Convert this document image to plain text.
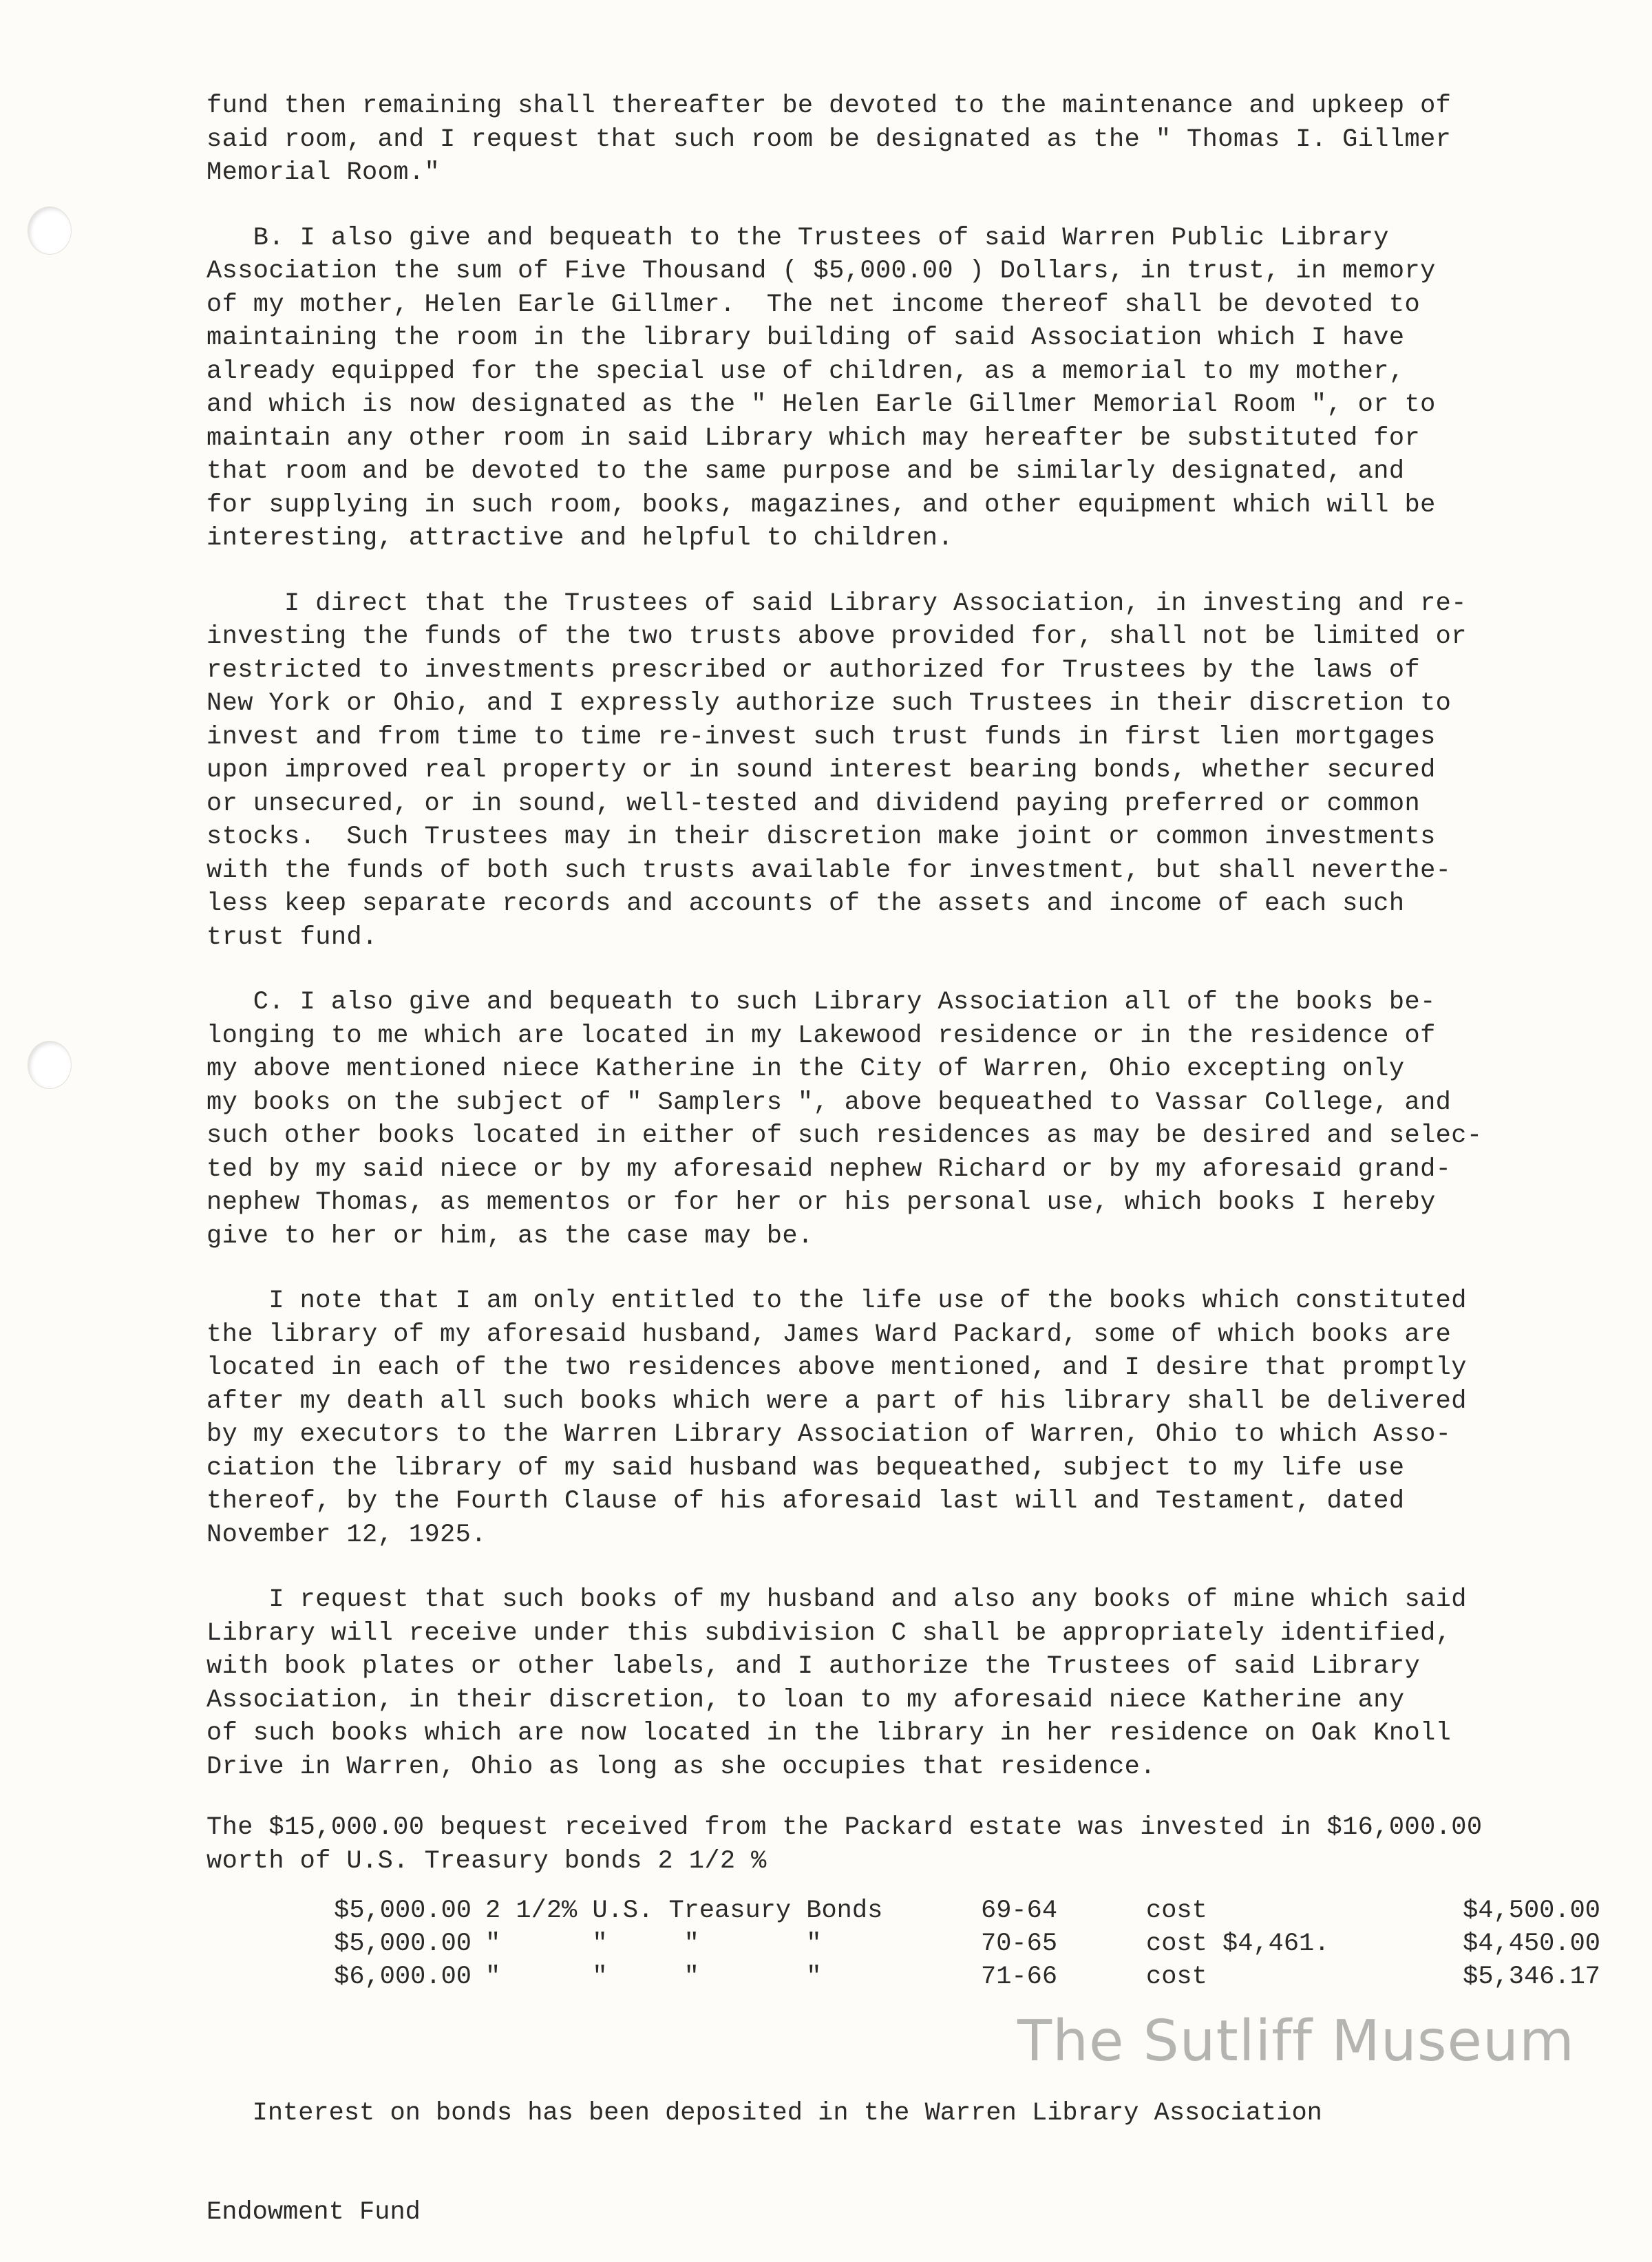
fund then remaining shall thereafter be devoted to the maintenance and upkeep of

said room, and I request that such room be designated as the " Thomas I. Gillmer

Memorial Room."

B. I also give and bequeath to the Trustees of said Warren Public Library

Association the sum of Five Thousand ( $5,000.00 ) Dollars, in trust, in memory

of my mother, Helen Earle Gillmer.  The net income thereof shall be devoted to

maintaining the room in the library building of said Association which I have

already equipped for the special use of children, as a memorial to my mother,

and which is now designated as the " Helen Earle Gillmer Memorial Room ", or to

maintain any other room in said Library which may hereafter be substituted for

that room and be devoted to the same purpose and be similarly designated, and

for supplying in such room, books, magazines, and other equipment which will be

interesting, attractive and helpful to children.

I direct that the Trustees of said Library Association, in investing and re-

investing the funds of the two trusts above provided for, shall not be limited or

restricted to investments prescribed or authorized for Trustees by the laws of

New York or Ohio, and I expressly authorize such Trustees in their discretion to

invest and from time to time re-invest such trust funds in first lien mortgages

upon improved real property or in sound interest bearing bonds, whether secured

or unsecured, or in sound, well-tested and dividend paying preferred or common

stocks.  Such Trustees may in their discretion make joint or common investments

with the funds of both such trusts available for investment, but shall neverthe-

less keep separate records and accounts of the assets and income of each such

trust fund.

C. I also give and bequeath to such Library Association all of the books be-

longing to me which are located in my Lakewood residence or in the residence of

my above mentioned niece Katherine in the City of Warren, Ohio excepting only

my books on the subject of " Samplers ", above bequeathed to Vassar College, and

such other books located in either of such residences as may be desired and selec-

ted by my said niece or by my aforesaid nephew Richard or by my aforesaid grand-

nephew Thomas, as mementos or for her or his personal use, which books I hereby

give to her or him, as the case may be.

I note that I am only entitled to the life use of the books which constituted

the library of my aforesaid husband, James Ward Packard, some of which books are

located in each of the two residences above mentioned, and I desire that promptly

after my death all such books which were a part of his library shall be delivered

by my executors to the Warren Library Association of Warren, Ohio to which Asso-

ciation the library of my said husband was bequeathed, subject to my life use

thereof, by the Fourth Clause of his aforesaid last will and Testament, dated

November 12, 1925.

I request that such books of my husband and also any books of mine which said

Library will receive under this subdivision C shall be appropriately identified,

with book plates or other labels, and I authorize the Trustees of said Library

Association, in their discretion, to loan to my aforesaid niece Katherine any

of such books which are now located in the library in her residence on Oak Knoll

Drive in Warren, Ohio as long as she occupies that residence.

The $15,000.00 bequest received from the Packard estate was invested in $16,000.00

worth of U.S. Treasury bonds 2 1/2 %

$5,000.00	2 1/2% U.S. Treasury Bonds	69-64	cost	$4,500.00
$5,000.00	"      "     "       "	70-65	cost $4,461.	$4,450.00
$6,000.00	"      "     "       "	71-66	cost	$5,346.17

Interest on bonds has been deposited in the Warren Library Association

Endowment Fund

The Sutliff Museum
